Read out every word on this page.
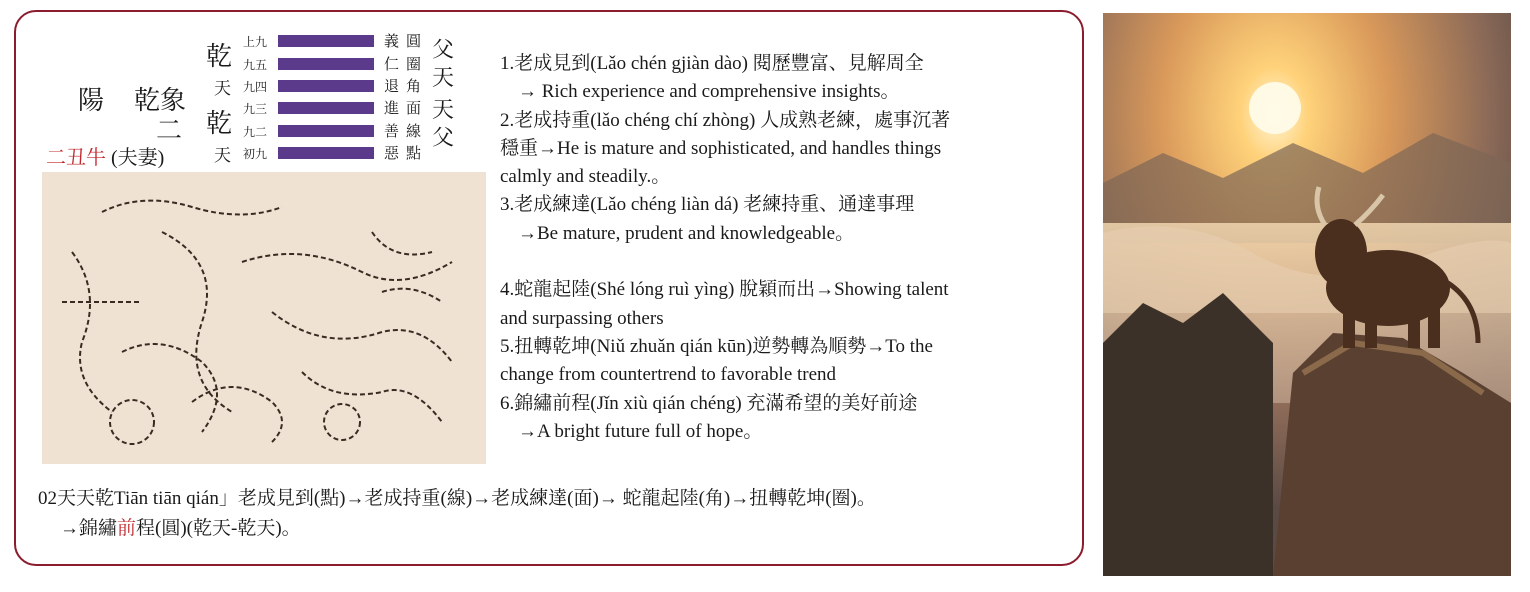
乾
天
乾
天
陽 乾象
二
二丑牛 (夫妻)
上九
九五
九四
九三
九二
初九
義
仁
退
進
善
惡
圓
圈
角
面
線
點
父
天
天
父
1.老成見到(Lǎo chén gjiàn dào) 閱歷豐富、見解周全
→ Rich experience and comprehensive insights。
2.老成持重(lǎo chéng chí zhòng) 人成熟老練，處事沉著
穩重→He is mature and sophisticated, and handles things
calmly and steadily.。
3.老成練達(Lǎo chéng liàn dá) 老練持重、通達事理
→Be mature, prudent and knowledgeable。

4.蛇龍起陸(Shé lóng ruì yìng) 脫穎而出→Showing talent
and surpassing others
5.扭轉乾坤(Niǔ zhuǎn qián kūn)逆勢轉為順勢→To the
change from countertrend to favorable trend
6.錦繡前程(Jǐn xiù qián chéng) 充滿希望的美好前途
→A bright future full of hope。
02天天乾Tiān tiān qián」老成見到(點)→老成持重(線)→老成練達(面)→ 蛇龍起陸(角)→扭轉乾坤(圈)。
→錦繡前程(圓)(乾天-乾天)。
